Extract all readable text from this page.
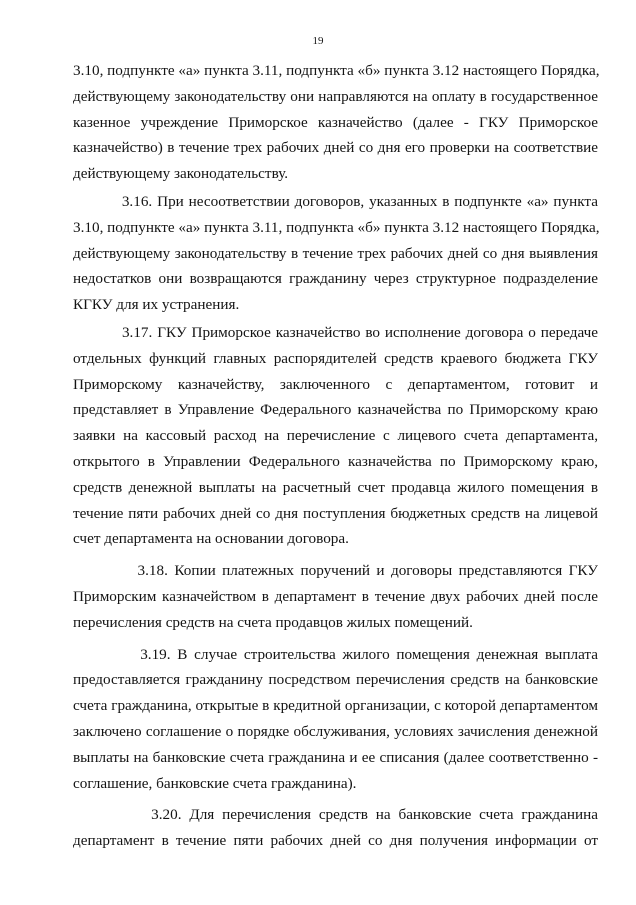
19
3.10, подпункте «а» пункта 3.11, подпункта «б» пункта 3.12 настоящего Порядка,
действующему законодательству они направляются на оплату в государственное
казенное учреждение Приморское казначейство (далее - ГКУ Приморское
казначейство) в течение трех рабочих дней со дня его проверки на соответствие
действующему законодательству.
3.16. При несоответствии договоров, указанных в подпункте «а» пункта
3.10, подпункте «а» пункта 3.11, подпункта «б» пункта 3.12 настоящего Порядка,
действующему законодательству в течение трех рабочих дней со дня выявления
недостатков они возвращаются гражданину через структурное подразделение
КГКУ для их устранения.
3.17. ГКУ Приморское казначейство во исполнение договора о передаче
отдельных функций главных распорядителей средств краевого бюджета ГКУ
Приморскому казначейству, заключенного с департаментом, готовит и
представляет в Управление Федерального казначейства по Приморскому краю
заявки на кассовый расход на перечисление с лицевого счета департамента,
открытого в Управлении Федерального казначейства по Приморскому краю,
средств денежной выплаты на расчетный счет продавца жилого помещения в
течение пяти рабочих дней со дня поступления бюджетных средств на лицевой
счет департамента на основании договора.
3.18. Копии платежных поручений и договоры представляются ГКУ
Приморским казначейством в департамент в течение двух рабочих дней после
перечисления средств на счета продавцов жилых помещений.
3.19. В случае строительства жилого помещения денежная выплата
предоставляется гражданину посредством перечисления средств на банковские
счета гражданина, открытые в кредитной организации, с которой департаментом
заключено соглашение о порядке обслуживания, условиях зачисления денежной
выплаты на банковские счета гражданина и ее списания (далее соответственно -
соглашение, банковские счета гражданина).
3.20. Для перечисления средств на банковские счета гражданина
департамент в течение пяти рабочих дней со дня получения информации от
